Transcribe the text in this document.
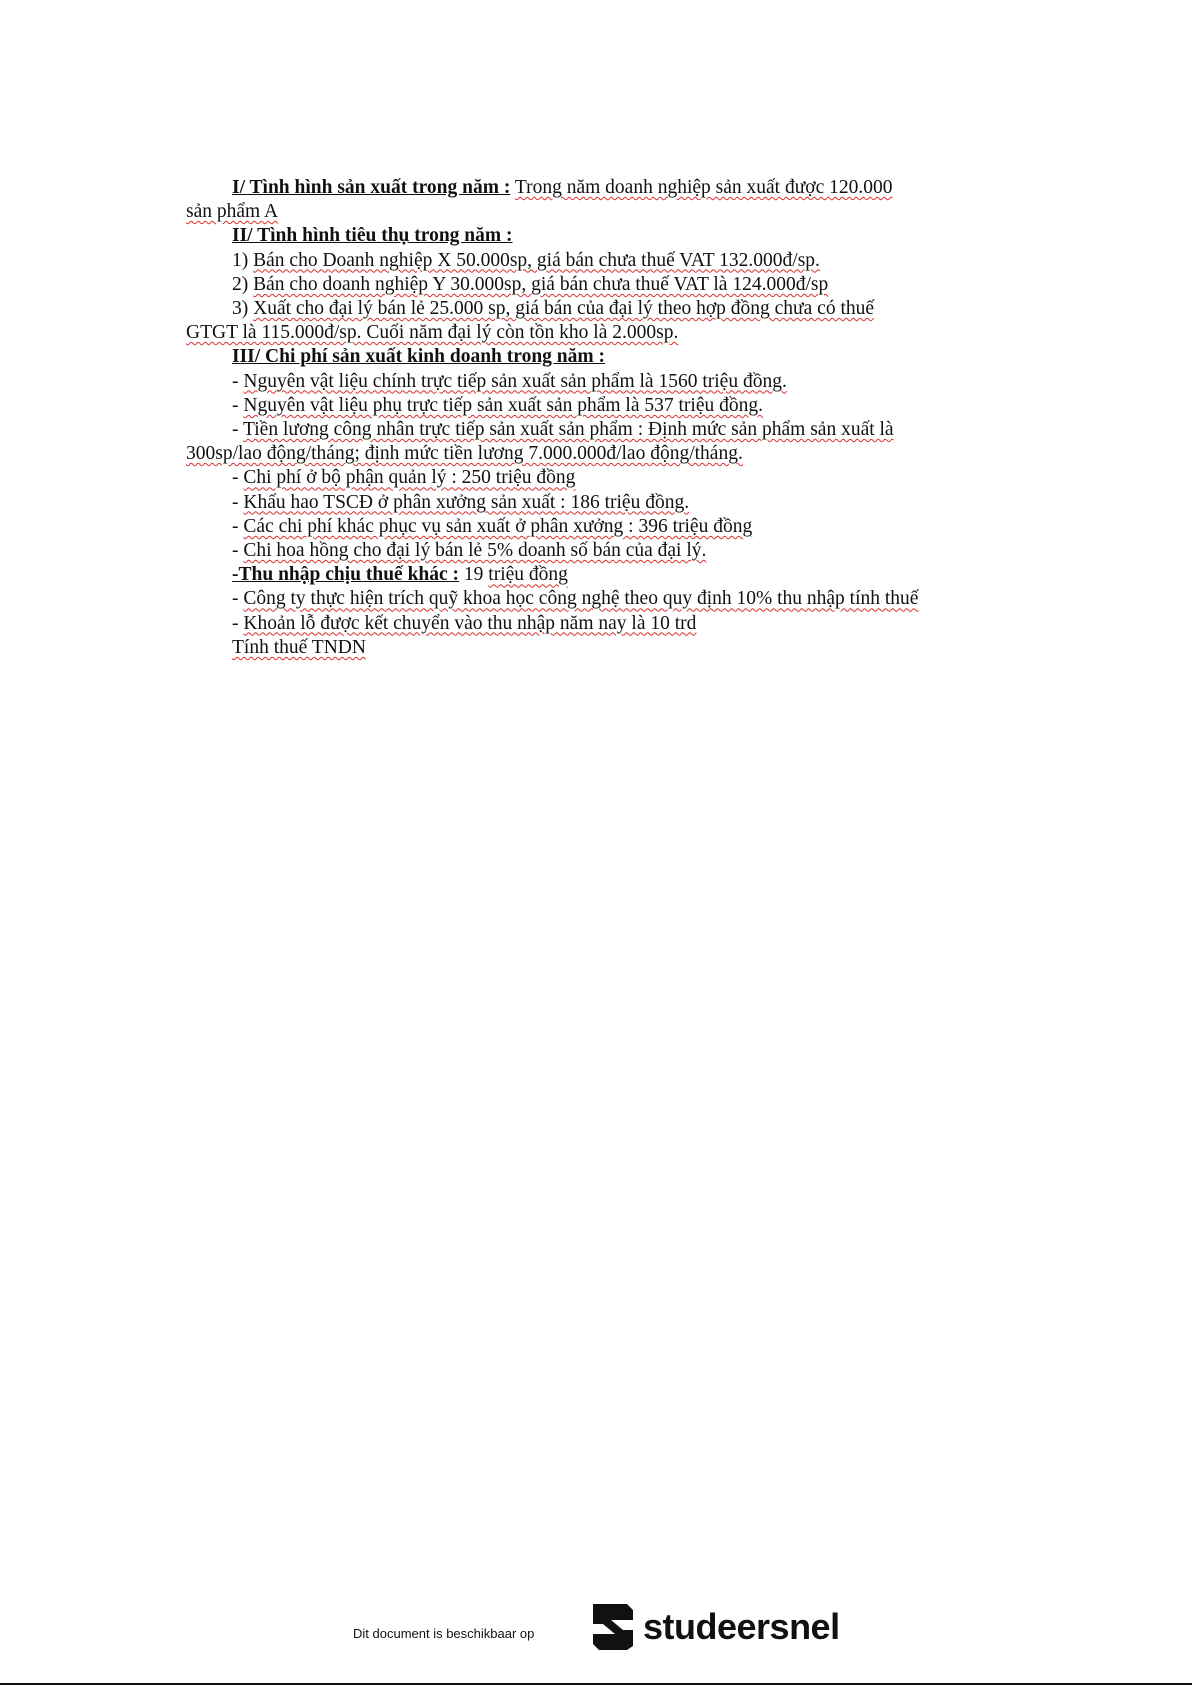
I/ Tình hình sản xuất trong năm : Trong năm doanh nghiệp sản xuất được 120.000

sản phẩm A

II/ Tình hình tiêu thụ trong năm :

1) Bán cho Doanh nghiệp X 50.000sp, giá bán chưa thuế VAT 132.000đ/sp.

2) Bán cho doanh nghiệp Y 30.000sp, giá bán chưa thuế VAT là 124.000đ/sp

3) Xuất cho đại lý bán lẻ 25.000 sp, giá bán của đại lý theo hợp đồng chưa có thuế

GTGT là 115.000đ/sp. Cuối năm đại lý còn tồn kho là 2.000sp.

III/ Chi phí sản xuất kinh doanh trong năm :

- Nguyên vật liệu chính trực tiếp sản xuất sản phẩm là 1560 triệu đồng.

- Nguyên vật liệu phụ trực tiếp sản xuất sản phẩm là 537 triệu đồng.

- Tiền lương công nhân trực tiếp sản xuất sản phẩm : Định mức sản phẩm sản xuất là

300sp/lao động/tháng; định mức tiền lương 7.000.000đ/lao động/tháng.

- Chi phí ở bộ phận quản lý : 250 triệu đồng

- Khấu hao TSCĐ ở phân xưởng sản xuất : 186 triệu đồng.

- Các chi phí khác phục vụ sản xuất ở phân xưởng : 396 triệu đồng

- Chi hoa hồng cho đại lý bán lẻ 5% doanh số bán của đại lý.

-Thu nhập chịu thuế khác : 19 triệu đồng

- Công ty thực hiện trích quỹ khoa học công nghệ theo quy định 10% thu nhập tính thuế

- Khoản lỗ được kết chuyển vào thu nhập năm nay là 10 trd

Tính thuế TNDN

Dit document is beschikbaar op	studeersnel
